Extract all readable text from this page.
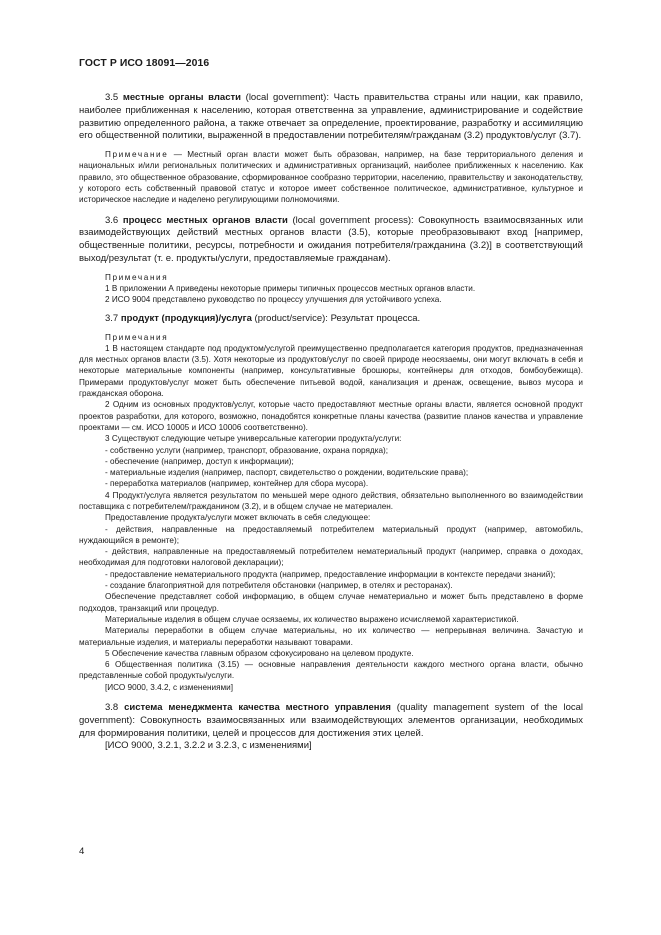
ГОСТ Р ИСО 18091—2016

3.5 местные органы власти (local government): Часть правительства страны или нации, как правило, наиболее приближенная к населению, которая ответственна за управление, администрирование и содействие развитию определенного района, а также отвечает за определение, проектирование, разработку и ассимиляцию его общественной политики, выраженной в предоставлении потребителям/гражданам (3.2) продуктов/услуг (3.7).

Примечание — Местный орган власти может быть образован, например, на базе территориального деления и национальных и/или региональных политических и административных организаций, наиболее приближенных к населению. Как правило, это общественное образование, сформированное сообразно территории, населению, правительству и законодательству, у которого есть собственный правовой статус и которое имеет собственное политическое, административное, культурное и историческое наследие и наделено регулирующими полномочиями.

3.6 процесс местных органов власти (local government process): Совокупность взаимосвязанных или взаимодействующих действий местных органов власти (3.5), которые преобразовывают вход [например, общественные политики, ресурсы, потребности и ожидания потребителя/гражданина (3.2)] в соответствующий выход/результат (т. е. продукты/услуги, предоставляемые гражданам).

Примечания

1 В приложении А приведены некоторые примеры типичных процессов местных органов власти.

2 ИСО 9004 представлено руководство по процессу улучшения для устойчивого успеха.

3.7 продукт (продукция)/услуга (product/service): Результат процесса.

Примечания

1 В настоящем стандарте под продуктом/услугой преимущественно предполагается категория продуктов, предназначенная для местных органов власти (3.5). Хотя некоторые из продуктов/услуг по своей природе неосязаемы, они могут включать в себя и некоторые материальные компоненты (например, консультативные брошюры, контейнеры для отходов, бомбоубежища). Примерами продуктов/услуг может быть обеспечение питьевой водой, канализация и дренаж, освещение, вывоз мусора и гражданская оборона.

2 Одним из основных продуктов/услуг, которые часто предоставляют местные органы власти, является основной продукт проектов разработки, для которого, возможно, понадобятся конкретные планы качества (развитие планов качества и управление проектами — см. ИСО 10005 и ИСО 10006 соответственно).

3 Существуют следующие четыре универсальные категории продукта/услуги:

- собственно услуги (например, транспорт, образование, охрана порядка);

- обеспечение (например, доступ к информации);

- материальные изделия (например, паспорт, свидетельство о рождении, водительские права);

- переработка материалов (например, контейнер для сбора мусора).

4 Продукт/услуга является результатом по меньшей мере одного действия, обязательно выполненного во взаимодействии поставщика с потребителем/гражданином (3.2), и в общем случае не материален.

Предоставление продукта/услуги может включать в себя следующее:

- действия, направленные на предоставляемый потребителем материальный продукт (например, автомобиль, нуждающийся в ремонте);

- действия, направленные на предоставляемый потребителем нематериальный продукт (например, справка о доходах, необходимая для подготовки налоговой декларации);

- предоставление нематериального продукта (например, предоставление информации в контексте передачи знаний);

- создание благоприятной для потребителя обстановки (например, в отелях и ресторанах).

Обеспечение представляет собой информацию, в общем случае нематериально и может быть представлено в форме подходов, транзакций или процедур.

Материальные изделия в общем случае осязаемы, их количество выражено исчисляемой характеристикой.

Материалы переработки в общем случае материальны, но их количество — непрерывная величина. Зачастую и материальные изделия, и материалы переработки называют товарами.

5 Обеспечение качества главным образом сфокусировано на целевом продукте.

6 Общественная политика (3.15) — основные направления деятельности каждого местного органа власти, обычно представленные собой продукты/услуги.

[ИСО 9000, 3.4.2, с изменениями]

3.8 система менеджмента качества местного управления (quality management system of the local government): Совокупность взаимосвязанных или взаимодействующих элементов организации, необходимых для формирования политики, целей и процессов для достижения этих целей.

[ИСО 9000, 3.2.1, 3.2.2 и 3.2.3, с изменениями]

4
